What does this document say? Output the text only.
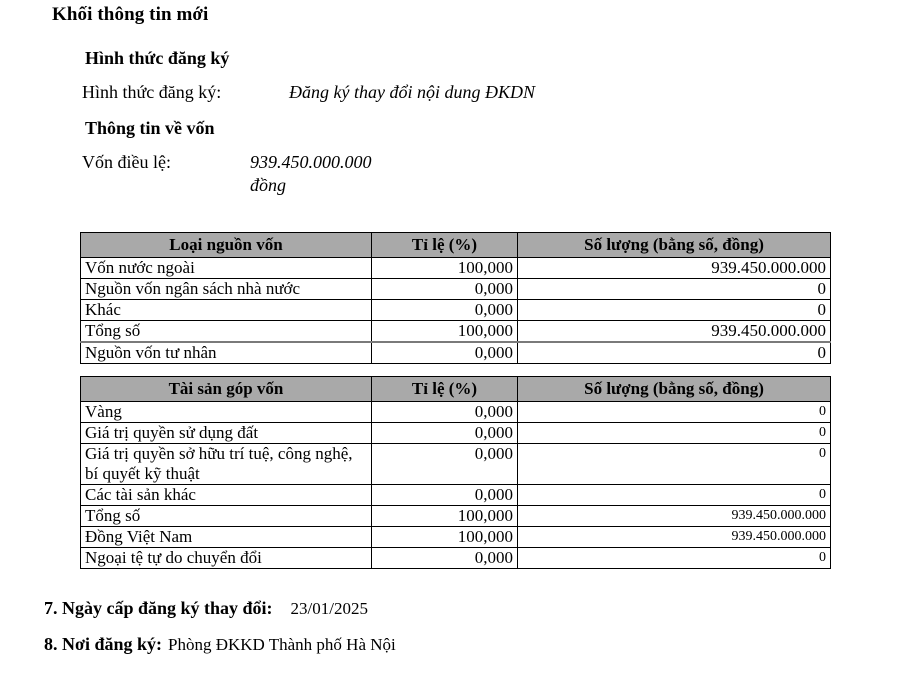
Khối thông tin mới
Hình thức đăng ký
Hình thức đăng ký:	Đăng ký thay đổi nội dung ĐKDN
Thông tin về vốn
Vốn điều lệ:	939.450.000.000
đồng
Loại nguồn vốn	Tỉ lệ (%)	Số lượng (bằng số, đồng)
Vốn nước ngoài	100,000	939.450.000.000
Nguồn vốn ngân sách nhà nước	0,000	0
Khác	0,000	0
Tổng số	100,000	939.450.000.000
Nguồn vốn tư nhân	0,000	0
Tài sản góp vốn	Tỉ lệ (%)	Số lượng (bằng số, đồng)
Vàng	0,000	0
Giá trị quyền sử dụng đất	0,000	0
Giá trị quyền sở hữu trí tuệ, công nghệ, bí quyết kỹ thuật	0,000	0
Các tài sản khác	0,000	0
Tổng số	100,000	939.450.000.000
Đồng Việt Nam	100,000	939.450.000.000
Ngoại tệ tự do chuyển đổi	0,000	0
7. Ngày cấp đăng ký thay đổi: 23/01/2025
8. Nơi đăng ký: Phòng ĐKKD Thành phố Hà Nội
